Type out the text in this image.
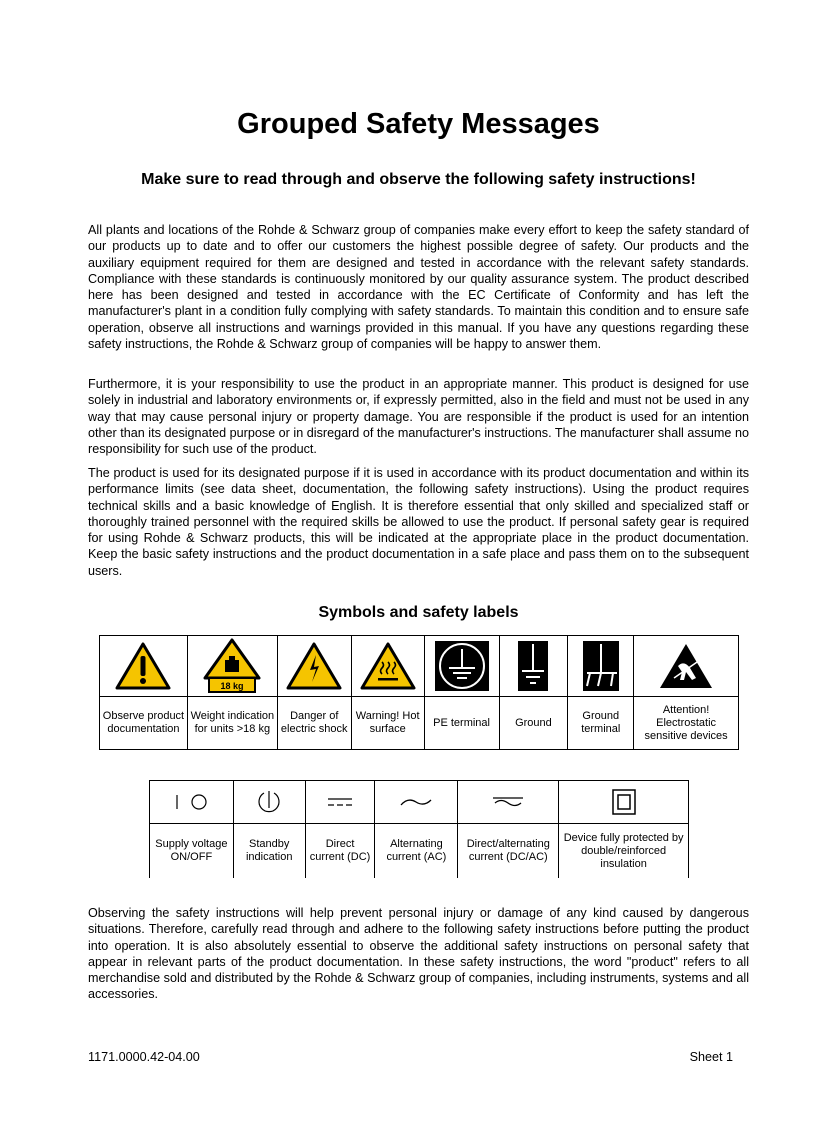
Grouped Safety Messages
Make sure to read through and observe the following safety instructions!

All plants and locations of the Rohde & Schwarz group of companies make every effort to keep the safety standard of our products up to date and to offer our customers the highest possible degree of safety. Our products and the auxiliary equipment required for them are designed and tested in accordance with the relevant safety standards. Compliance with these standards is continuously monitored by our quality assurance system. The product described here has been designed and tested in accordance with the EC Certificate of Conformity and has left the manufacturer's plant in a condition fully complying with safety standards. To maintain this condition and to ensure safe operation, observe all instructions and warnings provided in this manual. If you have any questions regarding these safety instructions, the Rohde & Schwarz group of companies will be happy to answer them.

Furthermore, it is your responsibility to use the product in an appropriate manner. This product is designed for use solely in industrial and laboratory environments or, if expressly permitted, also in the field and must not be used in any way that may cause personal injury or property damage. You are responsible if the product is used for an intention other than its designated purpose or in disregard of the manufacturer's instructions. The manufacturer shall assume no responsibility for such use of the product.

The product is used for its designated purpose if it is used in accordance with its product documentation and within its performance limits (see data sheet, documentation, the following safety instructions). Using the product requires technical skills and a basic knowledge of English. It is therefore essential that only skilled and specialized staff or thoroughly trained personnel with the required skills be allowed to use the product. If personal safety gear is required for using Rohde & Schwarz products, this will be indicated at the appropriate place in the product documentation. Keep the basic safety instructions and the product documentation in a safe place and pass them on to the subsequent users.

Symbols and safety labels

18 kg

Observe product documentation	Weight indication for units >18 kg	Danger of electric shock	Warning! Hot surface	PE terminal	Ground	Ground terminal	Attention! Electrostatic sensitive devices

Supply voltage ON/OFF	Standby indication	Direct current (DC)	Alternating current (AC)	Direct/alternating current (DC/AC)	Device fully protected by double/reinforced insulation

Observing the safety instructions will help prevent personal injury or damage of any kind caused by dangerous situations. Therefore, carefully read through and adhere to the following safety instructions before putting the product into operation. It is also absolutely essential to observe the additional safety instructions on personal safety that appear in relevant parts of the product documentation. In these safety instructions, the word "product" refers to all merchandise sold and distributed by the Rohde & Schwarz group of companies, including instruments, systems and all accessories.

1171.0000.42-04.00	Sheet 1
